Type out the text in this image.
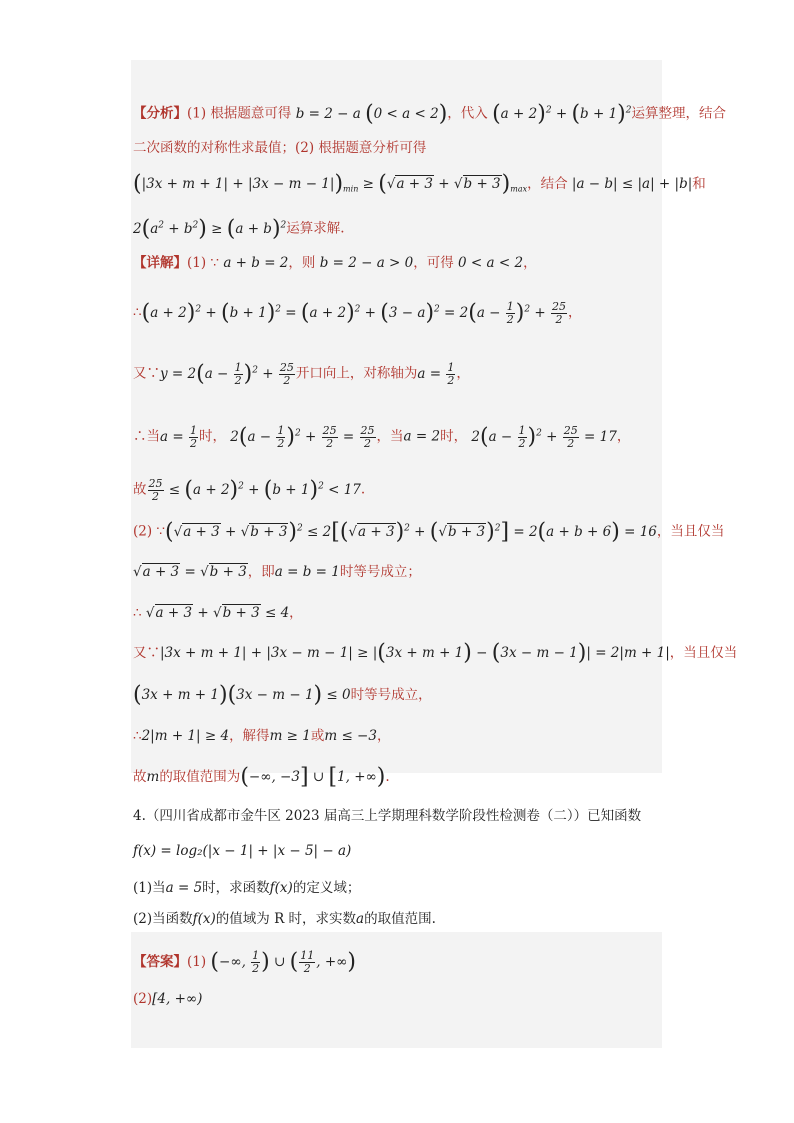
【分析】(1) 根据题意可得 b = 2 − a (0 < a < 2)，代入 $(a + 2)^2 + (b + 1)^2$运算整理，结合
二次函数的对称性求最值；(2) 根据题意分析可得
$(|3x + m + 1| + |3x - m - 1|)_{min} \ge (√a + 3 + √b + 3)_{max}$，结合 |a − b| ≤ |a| + |b|和
$2(a^2 + b^2) \ge (a + b)^2$运算求解.
【详解】(1) ∵ a + b = 2，则 b = 2 − a > 0，可得 0 < a < 2，
∴(a + $2)^2 + (b + 1)^2 = (a + 2)^2 + (3 - a)^2 = 2(a - \frac{1}{2} )^2 + \frac{25}{2}$ ，
又∵y = $2(a - \frac{1}{2} )^2 + \frac{25}{2}$ 开口向上，对称轴为$a = \frac{1}{2}$ ，
∴当$a = \frac{1}{2}$ 时， $2(a - \frac{1}{2} )^2 + \frac{25}{2} = \frac{25}{2}$ ，当a = 2时， $2(a - \frac{1}{2} )^2 + \frac{25}{2} = 17$，
故 $\frac{25}{2} \le (a + 2)^2 + (b + 1)^2 < 17$.
(2) ∵(√a + $3 + √b + 3)^2 \le 2[(√a + 3)^2 + (√b + 3)^2] = 2(a + b + 6) = 16$，当且仅当
√a + 3 = √b + 3，即a = b = 1时等号成立；
∴ √a + 3 + √b + 3 ≤ 4，
又∵|3x + m + 1| + |3x − m − 1| ≥ |(3x + m + 1) − (3x − m − 1)| = 2|m + 1|，当且仅当
(3x + m + 1)(3x − m − 1) ≤ 0时等号成立，
∴2|m + 1| ≥ 4，解得m ≥ 1或m ≤ −3，
故m的取值范围为(−∞, −3] ∪ [1, +∞).
4.（四川省成都市金牛区 2023 届高三上学期理科数学阶段性检测卷（二））已知函数
f(x) = log₂(|x − 1| + |x − 5| − a)
(1)当a = 5时，求函数f(x)的定义域；
(2)当函数f(x)的值域为 R 时，求实数a的取值范围.
【答案】(1) (−∞, $\frac{1}{2}$ ) ∪ ( $\frac{11}{2}$ , +∞)
(2)[4, +∞)
